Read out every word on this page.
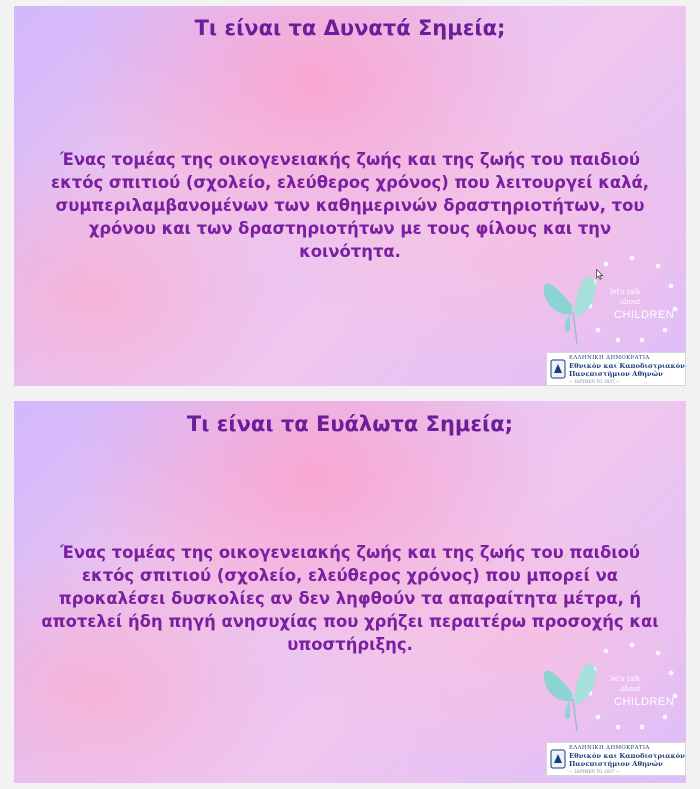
Τι είναι τα Δυνατά Σημεία;

Ένας τομέας της οικογενειακής ζωής και της ζωής του παιδιού εκτός σπιτιού (σχολείο, ελεύθερος χρόνος) που λειτουργεί καλά, συμπεριλαμβανομένων των καθημερινών δραστηριοτήτων, του χρόνου και των δραστηριοτήτων με τους φίλους και την κοινότητα.

let's talk
about
CHILDREN
ΕΛΛΗΝΙΚΗ ΔΗΜΟΚΡΑΤΙΑ
Εθνικόν και Καποδιστριακόν
Πανεπιστήμιον Αθηνών
— ΙΔΡΥΘΕΝ ΤΟ 1837 —
Τι είναι τα Ευάλωτα Σημεία;

Ένας τομέας της οικογενειακής ζωής και της ζωής του παιδιού εκτός σπιτιού (σχολείο, ελεύθερος χρόνος) που μπορεί να προκαλέσει δυσκολίες αν δεν ληφθούν τα απαραίτητα μέτρα, ή αποτελεί ήδη πηγή ανησυχίας που χρήζει περαιτέρω προσοχής και υποστήριξης.

let's talk
about
CHILDREN
ΕΛΛΗΝΙΚΗ ΔΗΜΟΚΡΑΤΙΑ
Εθνικόν και Καποδιστριακόν
Πανεπιστήμιον Αθηνών
— ΙΔΡΥΘΕΝ ΤΟ 1837 —
